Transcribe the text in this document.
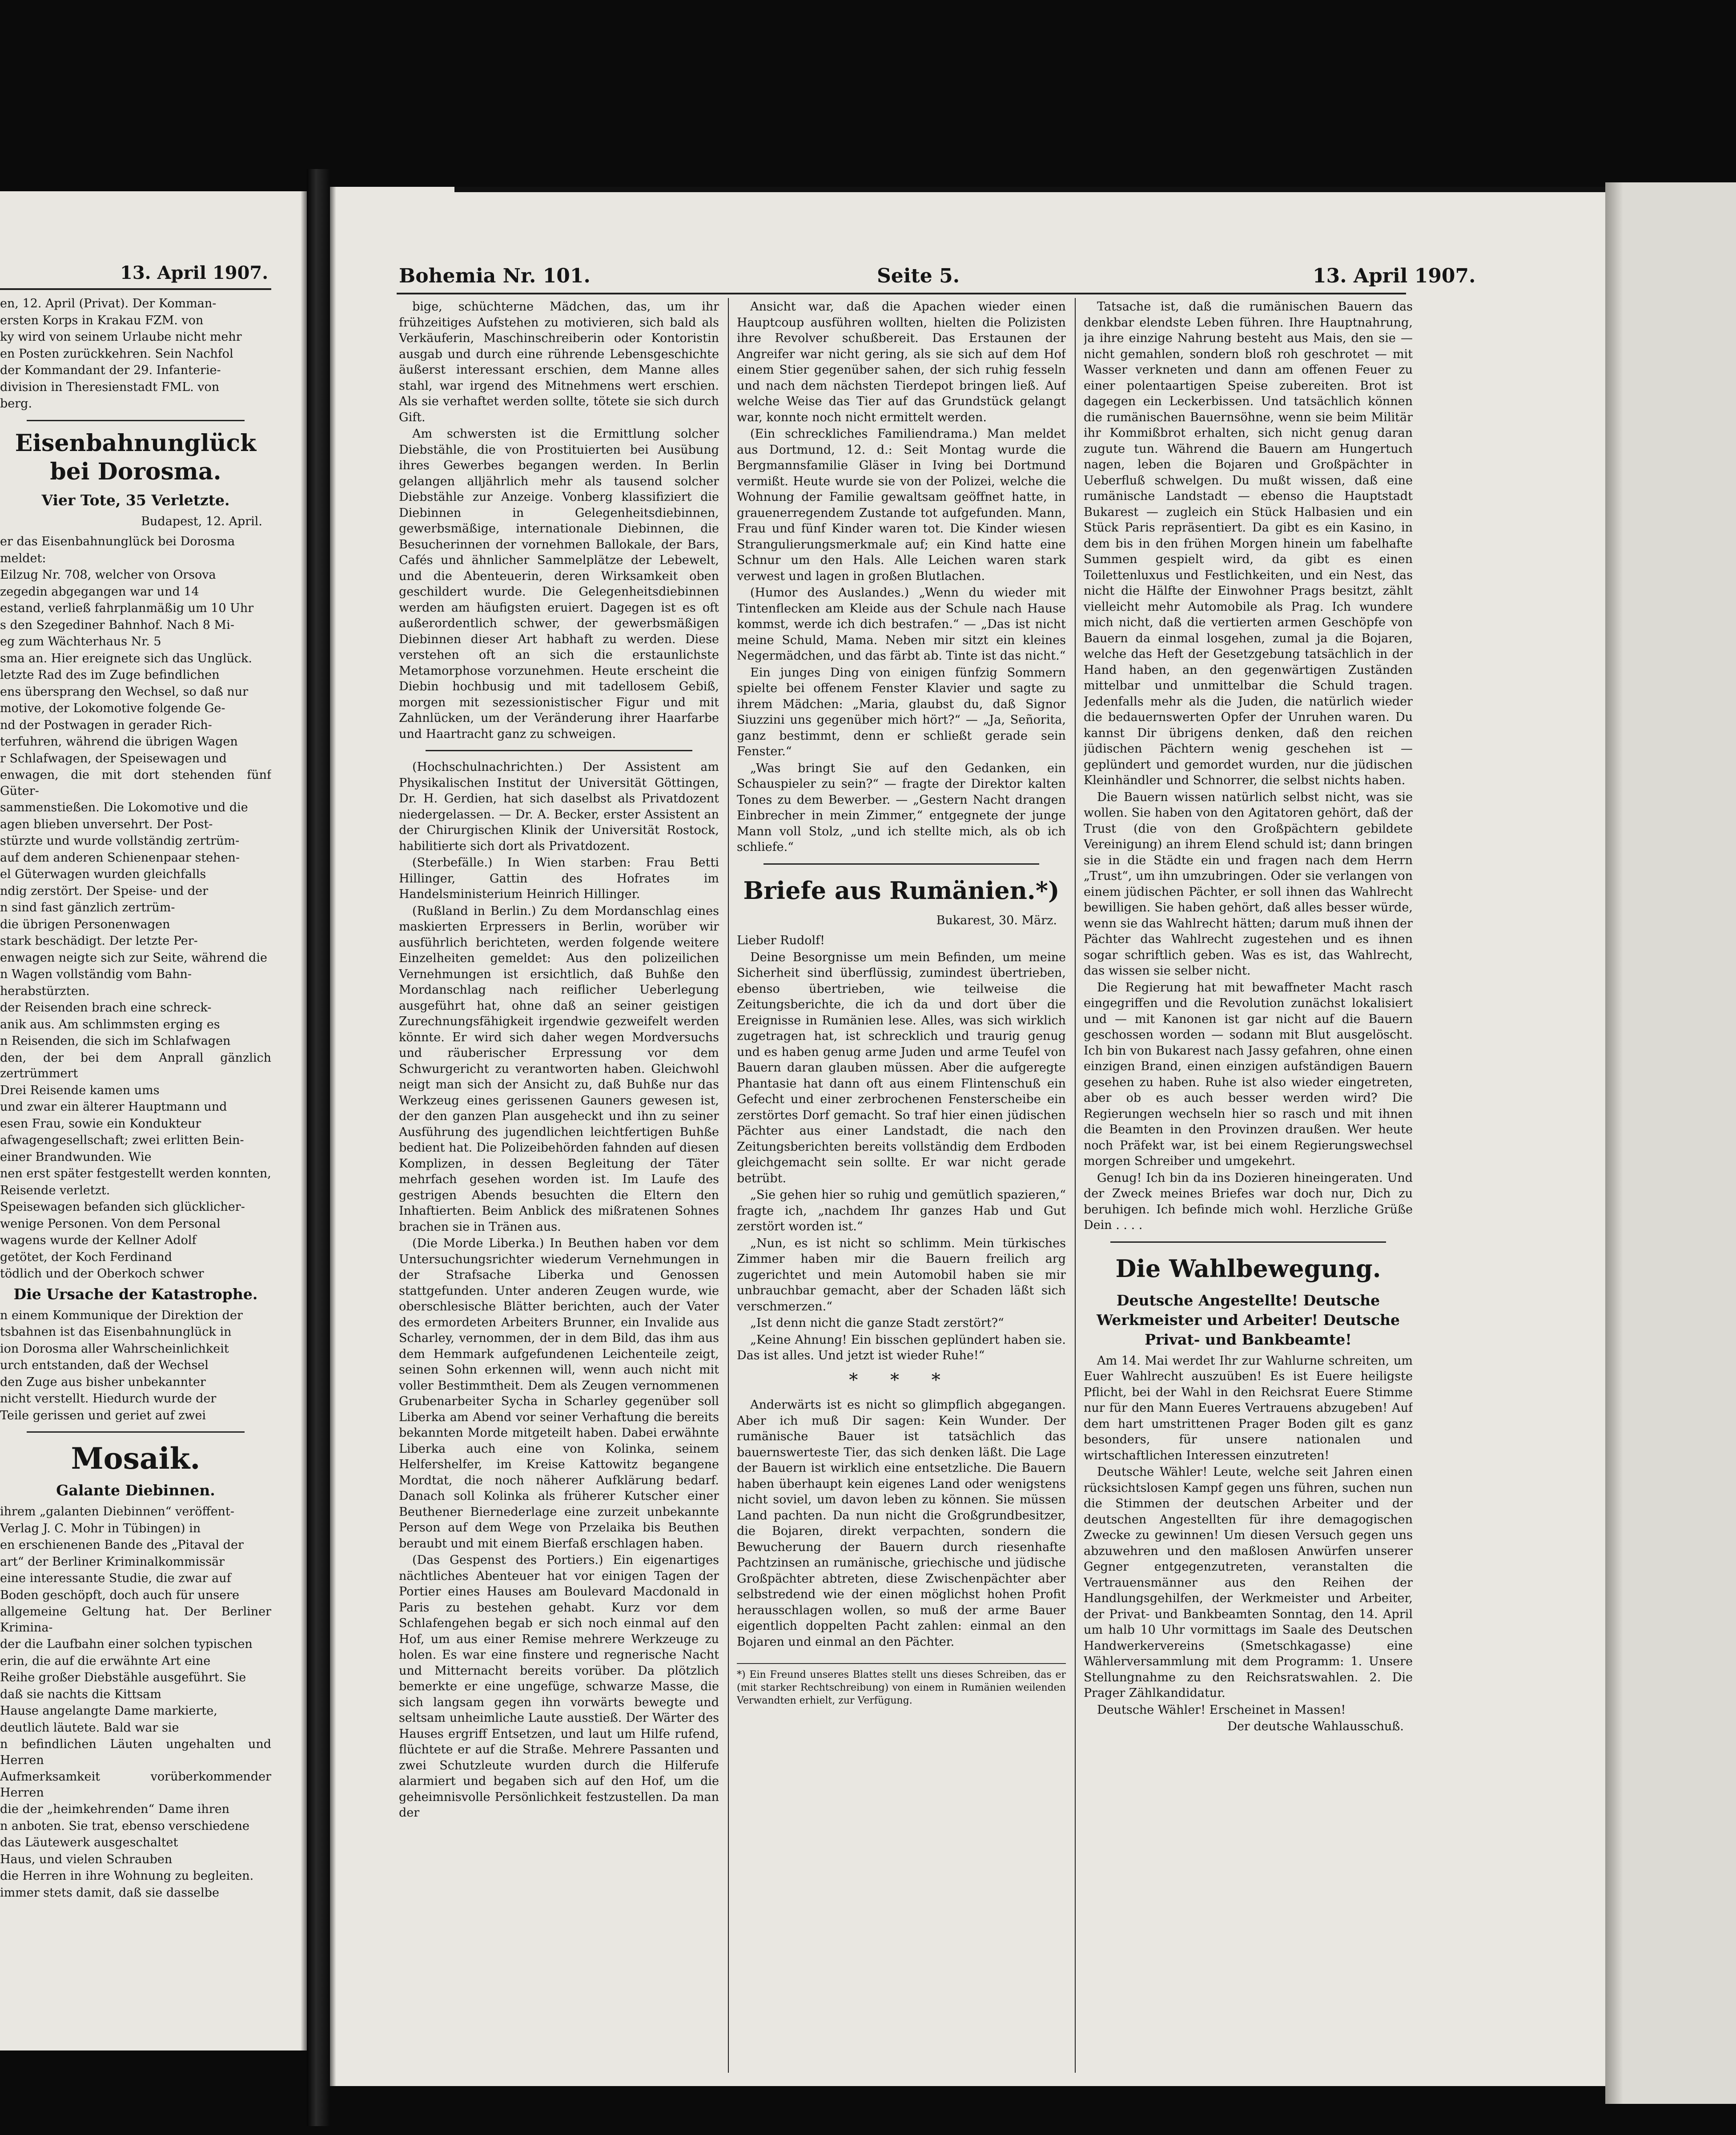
13. April 1907.

en, 12. April (Privat). Der Komman-

ersten Korps in Krakau FZM. von

ky wird von seinem Urlaube nicht mehr

en Posten zurückkehren. Sein Nachfol

der Kommandant der 29. Infanterie-

division in Theresienstadt FML. von

berg.

Eisenbahnunglück bei Dorosma.
Vier Tote, 35 Verletzte.
Budapest, 12. April.

er das Eisenbahnunglück bei Dorosma

meldet:

Eilzug Nr. 708, welcher von Orsova

zegedin abgegangen war und 14

estand, verließ fahrplanmäßig um 10 Uhr

s den Szegediner Bahnhof. Nach 8 Mi-

eg zum Wächterhaus Nr. 5

sma an. Hier ereignete sich das Unglück.

letzte Rad des im Zuge befindlichen

ens übersprang den Wechsel, so daß nur

motive, der Lokomotive folgende Ge-

nd der Postwagen in gerader Rich-

terfuhren, während die übrigen Wagen

r Schlafwagen, der Speisewagen und

enwagen, die mit dort stehenden fünf Güter-

sammenstießen. Die Lokomotive und die

agen blieben unversehrt. Der Post-

stürzte und wurde vollständig zertrüm-

auf dem anderen Schienenpaar stehen-

el Güterwagen wurden gleichfalls

ndig zerstört. Der Speise- und der

n sind fast gänzlich zertrüm-

die übrigen Personenwagen

stark beschädigt. Der letzte Per-

enwagen neigte sich zur Seite, während die

n Wagen vollständig vom Bahn-

herabstürzten.

der Reisenden brach eine schreck-

anik aus. Am schlimmsten erging es

n Reisenden, die sich im Schlafwagen

den, der bei dem Anprall gänzlich zertrümmert

Drei Reisende kamen ums

und zwar ein älterer Hauptmann und

esen Frau, sowie ein Kondukteur

afwagengesellschaft; zwei erlitten Bein-

einer Brandwunden. Wie

nen erst später festgestellt werden konnten,

Reisende verletzt.

Speisewagen befanden sich glücklicher-

wenige Personen. Von dem Personal

wagens wurde der Kellner Adolf

getötet, der Koch Ferdinand

tödlich und der Oberkoch schwer

Die Ursache der Katastrophe.

n einem Kommunique der Direktion der

tsbahnen ist das Eisenbahnunglück in

ion Dorosma aller Wahrscheinlichkeit

urch entstanden, daß der Wechsel

den Zuge aus bisher unbekannter

nicht verstellt. Hiedurch wurde der

Teile gerissen und geriet auf zwei

Mosaik.
Galante Diebinnen.

ihrem „galanten Diebinnen“ veröffent-

Verlag J. C. Mohr in Tübingen) in

en erschienenen Bande des „Pitaval der

art“ der Berliner Kriminalkommissär

eine interessante Studie, die zwar auf

Boden geschöpft, doch auch für unsere

allgemeine Geltung hat. Der Berliner Krimina-

der die Laufbahn einer solchen typischen

erin, die auf die erwähnte Art eine

Reihe großer Diebstähle ausgeführt. Sie

daß sie nachts die Kittsam

Hause angelangte Dame markierte,

deutlich läutete. Bald war sie

n befindlichen Läuten ungehalten und Herren

Aufmerksamkeit vorüberkommender Herren

die der „heimkehrenden“ Dame ihren

n anboten. Sie trat, ebenso verschiedene

das Läutewerk ausgeschaltet

Haus, und vielen Schrauben

die Herren in ihre Wohnung zu begleiten.

immer stets damit, daß sie dasselbe

Bohemia Nr. 101.	Seite 5.	13. April 1907.

bige, schüchterne Mädchen, das, um ihr frühzeitiges Aufstehen zu motivieren, sich bald als Verkäuferin, Maschinschreiberin oder Kontoristin ausgab und durch eine rührende Lebensgeschichte äußerst interessant erschien, dem Manne alles stahl, war irgend des Mitnehmens wert erschien. Als sie verhaftet werden sollte, tötete sie sich durch Gift.

Am schwersten ist die Ermittlung solcher Diebstähle, die von Prostituierten bei Ausübung ihres Gewerbes begangen werden. In Berlin gelangen alljährlich mehr als tausend solcher Diebstähle zur Anzeige. Vonberg klassifiziert die Diebinnen in Gelegenheitsdiebinnen, gewerbsmäßige, internationale Diebinnen, die Besucherinnen der vornehmen Ballokale, der Bars, Cafés und ähnlicher Sammelplätze der Lebewelt, und die Abenteuerin, deren Wirksamkeit oben geschildert wurde. Die Gelegenheitsdiebinnen werden am häufigsten eruiert. Dagegen ist es oft außerordentlich schwer, der gewerbsmäßigen Diebinnen dieser Art habhaft zu werden. Diese verstehen oft an sich die erstaunlichste Metamorphose vorzunehmen. Heute erscheint die Diebin hochbusig und mit tadellosem Gebiß, morgen mit sezessionistischer Figur und mit Zahnlücken, um der Veränderung ihrer Haarfarbe und Haartracht ganz zu schweigen.

(Hochschulnachrichten.) Der Assistent am Physikalischen Institut der Universität Göttingen, Dr. H. Gerdien, hat sich daselbst als Privatdozent niedergelassen. — Dr. A. Becker, erster Assistent an der Chirurgischen Klinik der Universität Rostock, habilitierte sich dort als Privatdozent.

(Sterbefälle.) In Wien starben: Frau Betti Hillinger, Gattin des Hofrates im Handelsministerium Heinrich Hillinger.

(Rußland in Berlin.) Zu dem Mordanschlag eines maskierten Erpressers in Berlin, worüber wir ausführlich berichteten, werden folgende weitere Einzelheiten gemeldet: Aus den polizeilichen Vernehmungen ist ersichtlich, daß Buhße den Mordanschlag nach reiflicher Ueberlegung ausgeführt hat, ohne daß an seiner geistigen Zurechnungsfähigkeit irgendwie gezweifelt werden könnte. Er wird sich daher wegen Mordversuchs und räuberischer Erpressung vor dem Schwurgericht zu verantworten haben. Gleichwohl neigt man sich der Ansicht zu, daß Buhße nur das Werkzeug eines gerissenen Gauners gewesen ist, der den ganzen Plan ausgeheckt und ihn zu seiner Ausführung des jugendlichen leichtfertigen Buhße bedient hat. Die Polizeibehörden fahnden auf diesen Komplizen, in dessen Begleitung der Täter mehrfach gesehen worden ist. Im Laufe des gestrigen Abends besuchten die Eltern den Inhaftierten. Beim Anblick des mißratenen Sohnes brachen sie in Tränen aus.

(Die Morde Liberka.) In Beuthen haben vor dem Untersuchungsrichter wiederum Vernehmungen in der Strafsache Liberka und Genossen stattgefunden. Unter anderen Zeugen wurde, wie oberschlesische Blätter berichten, auch der Vater des ermordeten Arbeiters Brunner, ein Invalide aus Scharley, vernommen, der in dem Bild, das ihm aus dem Hemmark aufgefundenen Leichenteile zeigt, seinen Sohn erkennen will, wenn auch nicht mit voller Bestimmtheit. Dem als Zeugen vernommenen Grubenarbeiter Sycha in Scharley gegenüber soll Liberka am Abend vor seiner Verhaftung die bereits bekannten Morde mitgeteilt haben. Dabei erwähnte Liberka auch eine von Kolinka, seinem Helfershelfer, im Kreise Kattowitz begangene Mordtat, die noch näherer Aufklärung bedarf. Danach soll Kolinka als früherer Kutscher einer Beuthener Biernederlage eine zurzeit unbekannte Person auf dem Wege von Przelaika bis Beuthen beraubt und mit einem Bierfaß erschlagen haben.

(Das Gespenst des Portiers.) Ein eigenartiges nächtliches Abenteuer hat vor einigen Tagen der Portier eines Hauses am Boulevard Macdonald in Paris zu bestehen gehabt. Kurz vor dem Schlafengehen begab er sich noch einmal auf den Hof, um aus einer Remise mehrere Werkzeuge zu holen. Es war eine finstere und regnerische Nacht und Mitternacht bereits vorüber. Da plötzlich bemerkte er eine ungefüge, schwarze Masse, die sich langsam gegen ihn vorwärts bewegte und seltsam unheimliche Laute ausstieß. Der Wärter des Hauses ergriff Entsetzen, und laut um Hilfe rufend, flüchtete er auf die Straße. Mehrere Passanten und zwei Schutzleute wurden durch die Hilferufe alarmiert und begaben sich auf den Hof, um die geheimnisvolle Persönlichkeit festzustellen. Da man der

Ansicht war, daß die Apachen wieder einen Hauptcoup ausführen wollten, hielten die Polizisten ihre Revolver schußbereit. Das Erstaunen der Angreifer war nicht gering, als sie sich auf dem Hof einem Stier gegenüber sahen, der sich ruhig fesseln und nach dem nächsten Tierdepot bringen ließ. Auf welche Weise das Tier auf das Grundstück gelangt war, konnte noch nicht ermittelt werden.

(Ein schreckliches Familiendrama.) Man meldet aus Dortmund, 12. d.: Seit Montag wurde die Bergmannsfamilie Gläser in Iving bei Dortmund vermißt. Heute wurde sie von der Polizei, welche die Wohnung der Familie gewaltsam geöffnet hatte, in grauenerregendem Zustande tot aufgefunden. Mann, Frau und fünf Kinder waren tot. Die Kinder wiesen Strangulierungsmerkmale auf; ein Kind hatte eine Schnur um den Hals. Alle Leichen waren stark verwest und lagen in großen Blutlachen.

(Humor des Auslandes.) „Wenn du wieder mit Tintenflecken am Kleide aus der Schule nach Hause kommst, werde ich dich bestrafen.“ — „Das ist nicht meine Schuld, Mama. Neben mir sitzt ein kleines Negermädchen, und das färbt ab. Tinte ist das nicht.“

Ein junges Ding von einigen fünfzig Sommern spielte bei offenem Fenster Klavier und sagte zu ihrem Mädchen: „Maria, glaubst du, daß Signor Siuzzini uns gegenüber mich hört?“ — „Ja, Señorita, ganz bestimmt, denn er schließt gerade sein Fenster.“

„Was bringt Sie auf den Gedanken, ein Schauspieler zu sein?“ — fragte der Direktor kalten Tones zu dem Bewerber. — „Gestern Nacht drangen Einbrecher in mein Zimmer,“ entgegnete der junge Mann voll Stolz, „und ich stellte mich, als ob ich schliefe.“

Briefe aus Rumänien.*)
Bukarest, 30. März.

Lieber Rudolf!

Deine Besorgnisse um mein Befinden, um meine Sicherheit sind überflüssig, zumindest übertrieben, ebenso übertrieben, wie teilweise die Zeitungsberichte, die ich da und dort über die Ereignisse in Rumänien lese. Alles, was sich wirklich zugetragen hat, ist schrecklich und traurig genug und es haben genug arme Juden und arme Teufel von Bauern daran glauben müssen. Aber die aufgeregte Phantasie hat dann oft aus einem Flintenschuß ein Gefecht und einer zerbrochenen Fensterscheibe ein zerstörtes Dorf gemacht. So traf hier einen jüdischen Pächter aus einer Landstadt, die nach den Zeitungsberichten bereits vollständig dem Erdboden gleichgemacht sein sollte. Er war nicht gerade betrübt.

„Sie gehen hier so ruhig und gemütlich spazieren,“ fragte ich, „nachdem Ihr ganzes Hab und Gut zerstört worden ist.“

„Nun, es ist nicht so schlimm. Mein türkisches Zimmer haben mir die Bauern freilich arg zugerichtet und mein Automobil haben sie mir unbrauchbar gemacht, aber der Schaden läßt sich verschmerzen.“

„Ist denn nicht die ganze Stadt zerstört?“

„Keine Ahnung! Ein bisschen geplündert haben sie. Das ist alles. Und jetzt ist wieder Ruhe!“

* * *

Anderwärts ist es nicht so glimpflich abgegangen. Aber ich muß Dir sagen: Kein Wunder. Der rumänische Bauer ist tatsächlich das bauernswerteste Tier, das sich denken läßt. Die Lage der Bauern ist wirklich eine entsetzliche. Die Bauern haben überhaupt kein eigenes Land oder wenigstens nicht soviel, um davon leben zu können. Sie müssen Land pachten. Da nun nicht die Großgrundbesitzer, die Bojaren, direkt verpachten, sondern die Bewucherung der Bauern durch riesenhafte Pachtzinsen an rumänische, griechische und jüdische Großpächter abtreten, diese Zwischenpächter aber selbstredend wie der einen möglichst hohen Profit herausschlagen wollen, so muß der arme Bauer eigentlich doppelten Pacht zahlen: einmal an den Bojaren und einmal an den Pächter.

*) Ein Freund unseres Blattes stellt uns dieses Schreiben, das er (mit starker Rechtschreibung) von einem in Rumänien weilenden Verwandten erhielt, zur Verfügung.

Tatsache ist, daß die rumänischen Bauern das denkbar elendste Leben führen. Ihre Hauptnahrung, ja ihre einzige Nahrung besteht aus Mais, den sie — nicht gemahlen, sondern bloß roh geschrotet — mit Wasser verkneten und dann am offenen Feuer zu einer polentaartigen Speise zubereiten. Brot ist dagegen ein Leckerbissen. Und tatsächlich können die rumänischen Bauernsöhne, wenn sie beim Militär ihr Kommißbrot erhalten, sich nicht genug daran zugute tun. Während die Bauern am Hungertuch nagen, leben die Bojaren und Großpächter in Ueberfluß schwelgen. Du mußt wissen, daß eine rumänische Landstadt — ebenso die Hauptstadt Bukarest — zugleich ein Stück Halbasien und ein Stück Paris repräsentiert. Da gibt es ein Kasino, in dem bis in den frühen Morgen hinein um fabelhafte Summen gespielt wird, da gibt es einen Toilettenluxus und Festlichkeiten, und ein Nest, das nicht die Hälfte der Einwohner Prags besitzt, zählt vielleicht mehr Automobile als Prag. Ich wundere mich nicht, daß die vertierten armen Geschöpfe von Bauern da einmal losgehen, zumal ja die Bojaren, welche das Heft der Gesetzgebung tatsächlich in der Hand haben, an den gegenwärtigen Zuständen mittelbar und unmittelbar die Schuld tragen. Jedenfalls mehr als die Juden, die natürlich wieder die bedauernswerten Opfer der Unruhen waren. Du kannst Dir übrigens denken, daß den reichen jüdischen Pächtern wenig geschehen ist — geplündert und gemordet wurden, nur die jüdischen Kleinhändler und Schnorrer, die selbst nichts haben.

Die Bauern wissen natürlich selbst nicht, was sie wollen. Sie haben von den Agitatoren gehört, daß der Trust (die von den Großpächtern gebildete Vereinigung) an ihrem Elend schuld ist; dann bringen sie in die Städte ein und fragen nach dem Herrn „Trust“, um ihn umzubringen. Oder sie verlangen von einem jüdischen Pächter, er soll ihnen das Wahlrecht bewilligen. Sie haben gehört, daß alles besser würde, wenn sie das Wahlrecht hätten; darum muß ihnen der Pächter das Wahlrecht zugestehen und es ihnen sogar schriftlich geben. Was es ist, das Wahlrecht, das wissen sie selber nicht.

Die Regierung hat mit bewaffneter Macht rasch eingegriffen und die Revolution zunächst lokalisiert und — mit Kanonen ist gar nicht auf die Bauern geschossen worden — sodann mit Blut ausgelöscht. Ich bin von Bukarest nach Jassy gefahren, ohne einen einzigen Brand, einen einzigen aufständigen Bauern gesehen zu haben. Ruhe ist also wieder eingetreten, aber ob es auch besser werden wird? Die Regierungen wechseln hier so rasch und mit ihnen die Beamten in den Provinzen draußen. Wer heute noch Präfekt war, ist bei einem Regierungswechsel morgen Schreiber und umgekehrt.

Genug! Ich bin da ins Dozieren hineingeraten. Und der Zweck meines Briefes war doch nur, Dich zu beruhigen. Ich befinde mich wohl. Herzliche Grüße Dein . . . .

Die Wahlbewegung.
Deutsche Angestellte! Deutsche Werkmeister und Arbeiter! Deutsche Privat- und Bankbeamte!

Am 14. Mai werdet Ihr zur Wahlurne schreiten, um Euer Wahlrecht auszuüben! Es ist Euere heiligste Pflicht, bei der Wahl in den Reichsrat Euere Stimme nur für den Mann Eueres Vertrauens abzugeben! Auf dem hart umstrittenen Prager Boden gilt es ganz besonders, für unsere nationalen und wirtschaftlichen Interessen einzutreten!

Deutsche Wähler! Leute, welche seit Jahren einen rücksichtslosen Kampf gegen uns führen, suchen nun die Stimmen der deutschen Arbeiter und der deutschen Angestellten für ihre demagogischen Zwecke zu gewinnen! Um diesen Versuch gegen uns abzuwehren und den maßlosen Anwürfen unserer Gegner entgegenzutreten, veranstalten die Vertrauensmänner aus den Reihen der Handlungsgehilfen, der Werkmeister und Arbeiter, der Privat- und Bankbeamten Sonntag, den 14. April um halb 10 Uhr vormittags im Saale des Deutschen Handwerkervereins (Smetschkagasse) eine Wählerversammlung mit dem Programm: 1. Unsere Stellungnahme zu den Reichsratswahlen. 2. Die Prager Zählkandidatur.

Deutsche Wähler! Erscheinet in Massen!

Der deutsche Wahlausschuß.
